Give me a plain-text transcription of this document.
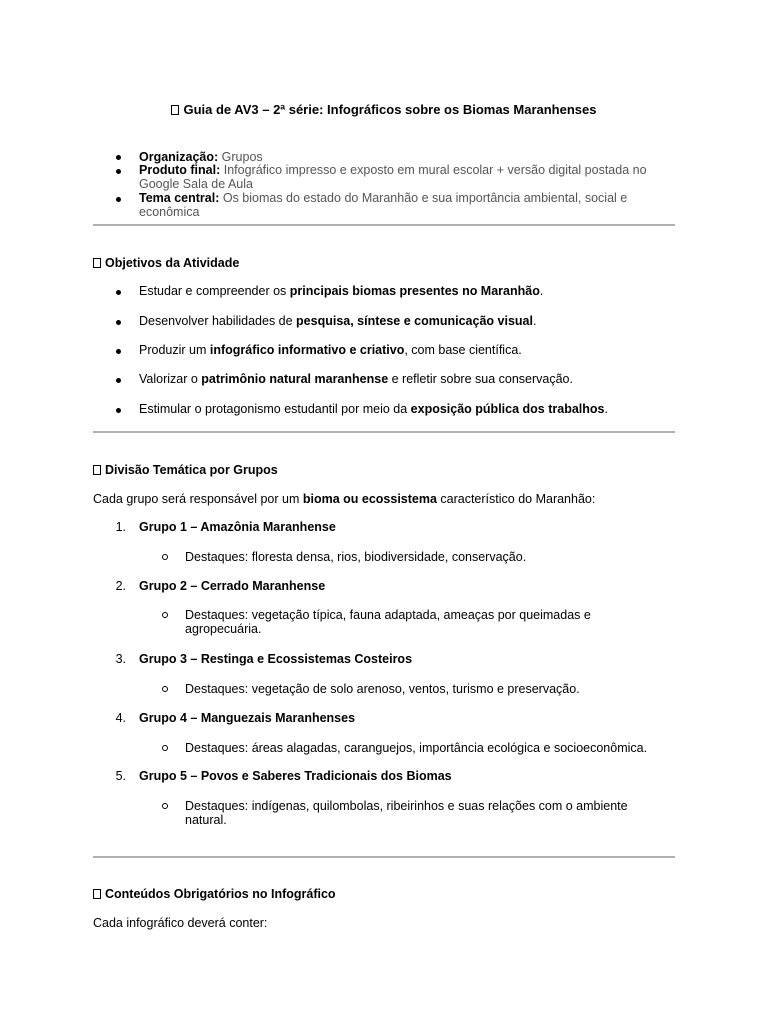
Guia de AV3 – 2ª série: Infográficos sobre os Biomas Maranhenses
Organização: Grupos
Produto final: Infográfico impresso e exposto em mural escolar + versão digital postada no
Google Sala de Aula
Tema central: Os biomas do estado do Maranhão e sua importância ambiental, social e
econômica
Objetivos da Atividade
Estudar e compreender os principais biomas presentes no Maranhão.
Desenvolver habilidades de pesquisa, síntese e comunicação visual.
Produzir um infográfico informativo e criativo, com base científica.
Valorizar o patrimônio natural maranhense e refletir sobre sua conservação.
Estimular o protagonismo estudantil por meio da exposição pública dos trabalhos.
Divisão Temática por Grupos
Cada grupo será responsável por um bioma ou ecossistema característico do Maranhão:
1. Grupo 1 – Amazônia Maranhense
Destaques: floresta densa, rios, biodiversidade, conservação.
2. Grupo 2 – Cerrado Maranhense
Destaques: vegetação típica, fauna adaptada, ameaças por queimadas e
agropecuária.
3. Grupo 3 – Restinga e Ecossistemas Costeiros
Destaques: vegetação de solo arenoso, ventos, turismo e preservação.
4. Grupo 4 – Manguezais Maranhenses
Destaques: áreas alagadas, caranguejos, importância ecológica e socioeconômica.
5. Grupo 5 – Povos e Saberes Tradicionais dos Biomas
Destaques: indígenas, quilombolas, ribeirinhos e suas relações com o ambiente
natural.
Conteúdos Obrigatórios no Infográfico
Cada infográfico deverá conter:
